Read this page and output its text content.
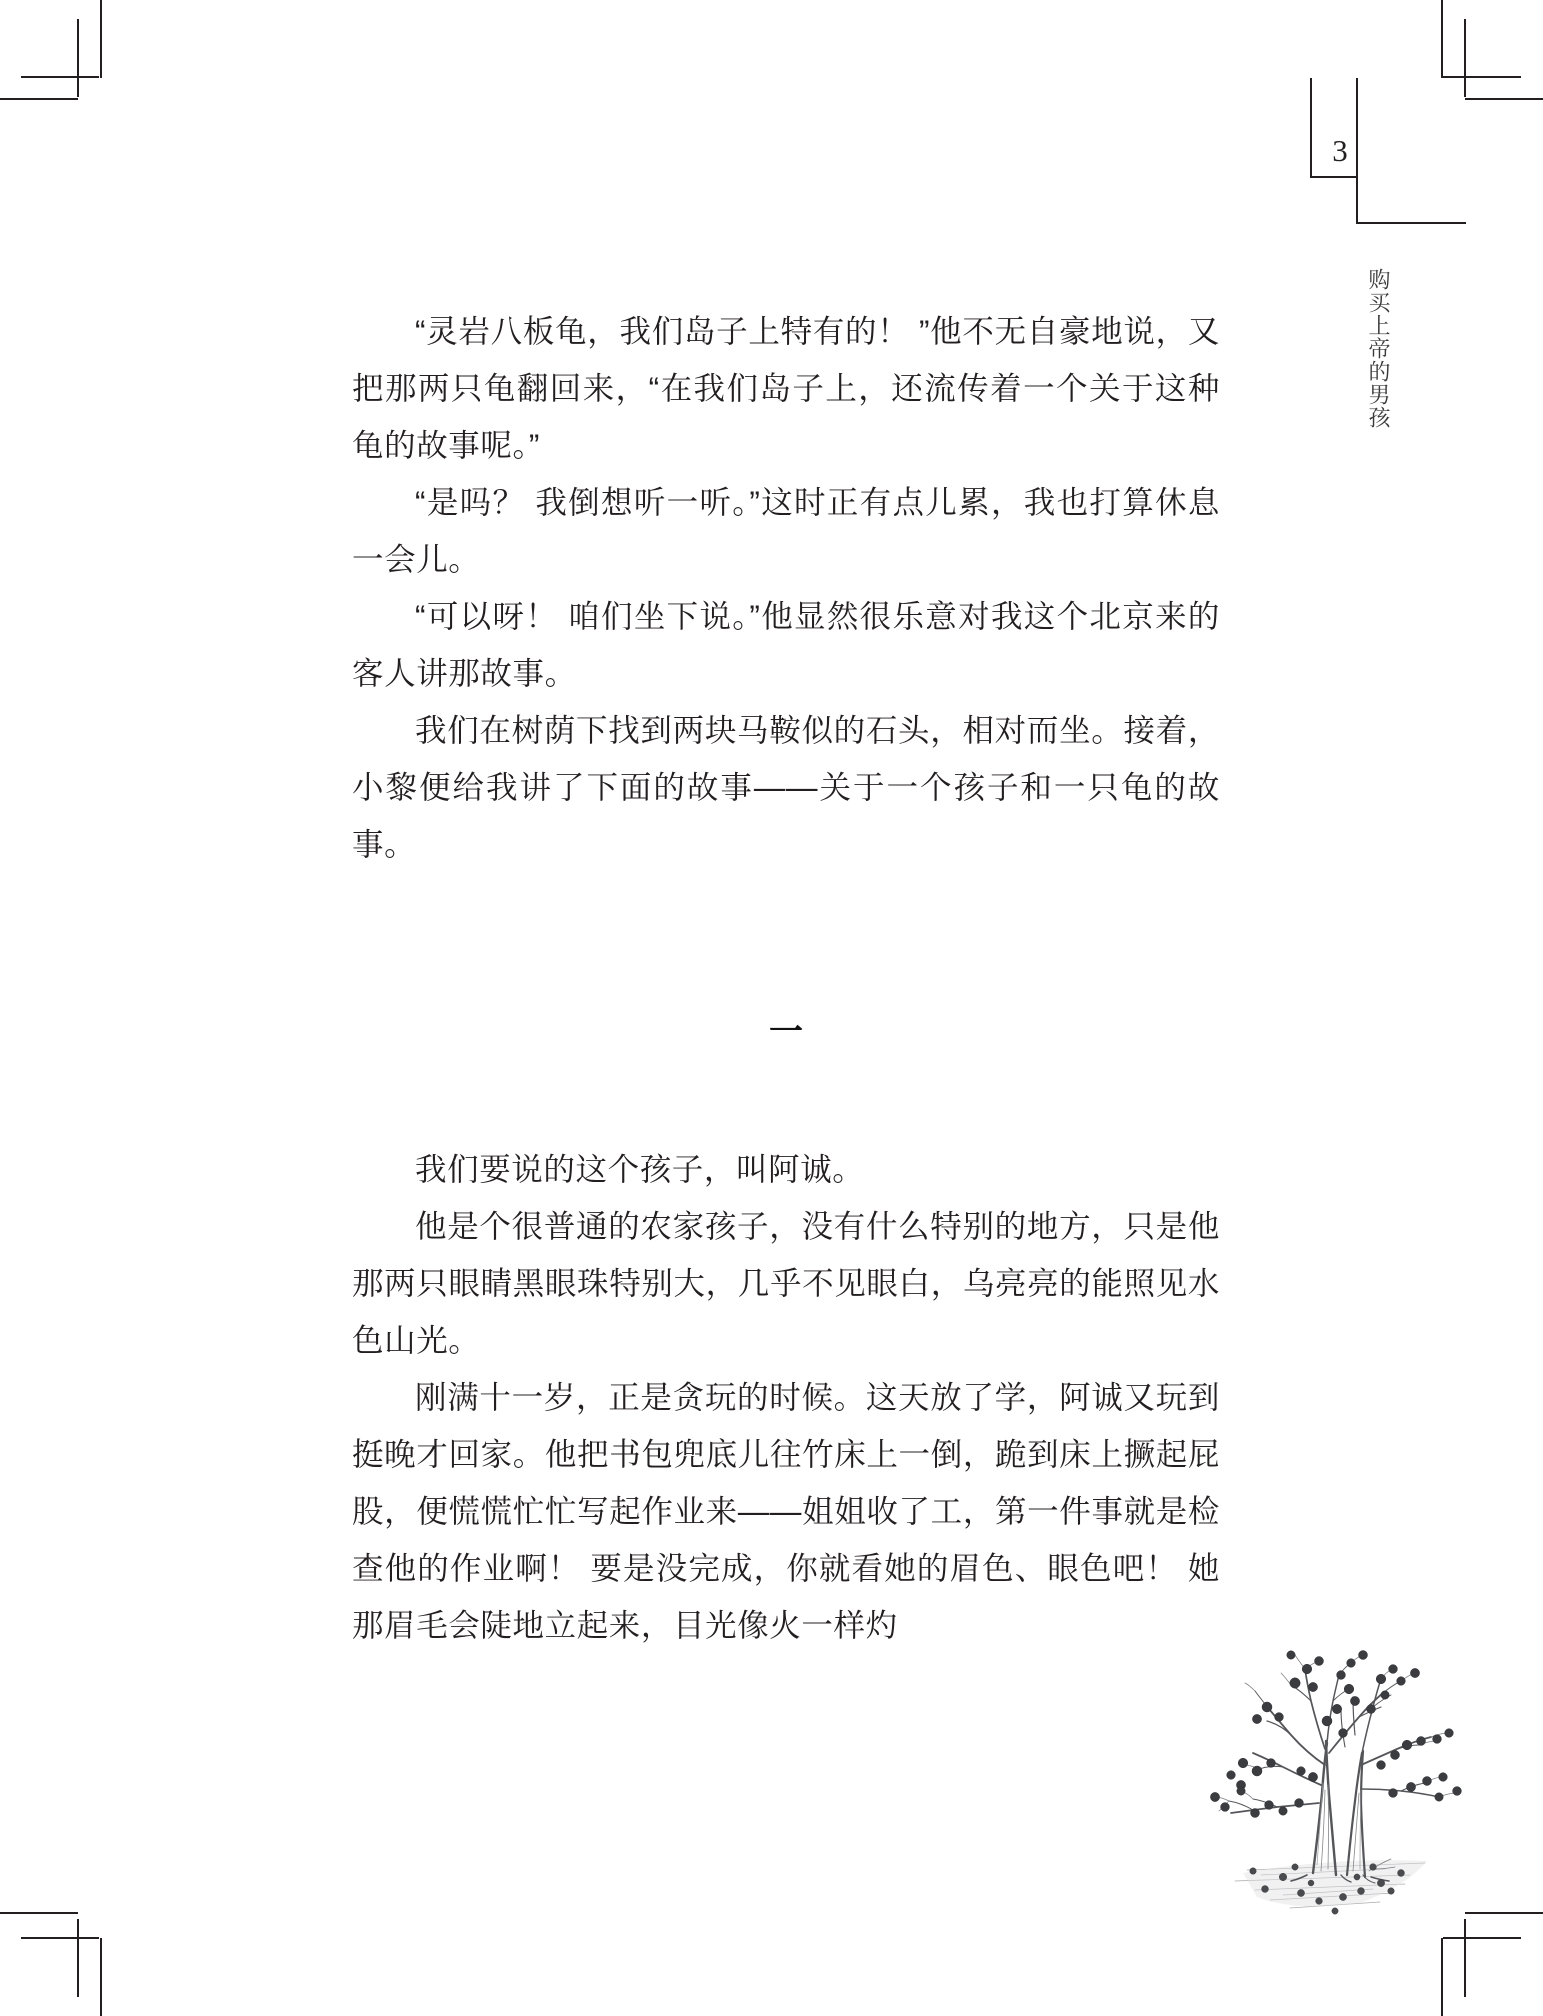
3
购买上帝的男孩

“灵岩八板龟，我们岛子上特有的！ ”他不无自豪地说，又把那两只龟翻回来，“在我们岛子上，还流传着一个关于这种龟的故事呢。”

“是吗？ 我倒想听一听。”这时正有点儿累，我也打算休息一会儿。

“可以呀！ 咱们坐下说。”他显然很乐意对我这个北京来的客人讲那故事。

我们在树荫下找到两块马鞍似的石头，相对而坐。接着，小黎便给我讲了下面的故事——关于一个孩子和一只龟的故事。

一

我们要说的这个孩子，叫阿诚。

他是个很普通的农家孩子，没有什么特别的地方，只是他那两只眼睛黑眼珠特别大，几乎不见眼白，乌亮亮的能照见水色山光。

刚满十一岁，正是贪玩的时候。这天放了学，阿诚又玩到挺晚才回家。他把书包兜底儿往竹床上一倒，跪到床上撅起屁股，便慌慌忙忙写起作业来——姐姐收了工，第一件事就是检查他的作业啊！ 要是没完成，你就看她的眉色、眼色吧！ 她那眉毛会陡地立起来，目光像火一样灼
